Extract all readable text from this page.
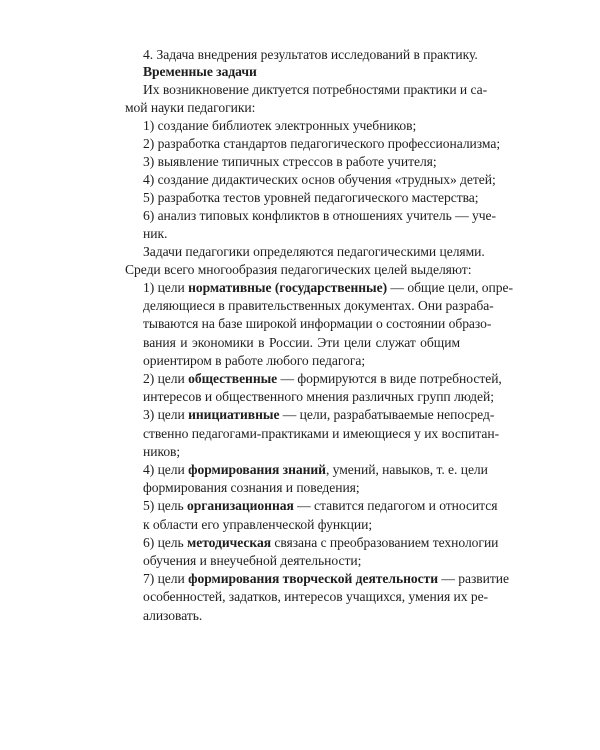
4. Задача внедрения результатов исследований в практику.

Временные задачи

Их возникновение диктуется потребностями практики и са-

мой науки педагогики:

1) создание библиотек электронных учебников;

2) разработка стандартов педагогического профессионализма;

3) выявление типичных стрессов в работе учителя;

4) создание дидактических основ обучения «трудных» детей;

5) разработка тестов уровней педагогического мастерства;

6) анализ типовых конфликтов в отношениях учитель — уче-

ник.

Задачи педагогики определяются педагогическими целями.

Среди всего многообразия педагогических целей выделяют:

1) цели нормативные (государственные) — общие цели, опре-

деляющиеся в правительственных документах. Они разраба-

тываются на базе широкой информации о состоянии образо-

вания и экономики в России. Эти цели служат общим

ориентиром в работе любого педагога;

2) цели общественные — формируются в виде потребностей,

интересов и общественного мнения различных групп людей;

3) цели инициативные — цели, разрабатываемые непосред-

ственно педагогами-практиками и имеющиеся у их воспитан-

ников;

4) цели формирования знаний, умений, навыков, т. е. цели

формирования сознания и поведения;

5) цель организационная — ставится педагогом и относится

к области его управленческой функции;

6) цель методическая связана с преобразованием технологии

обучения и внеучебной деятельности;

7) цели формирования творческой деятельности — развитие

особенностей, задатков, интересов учащихся, умения их ре-

ализовать.
